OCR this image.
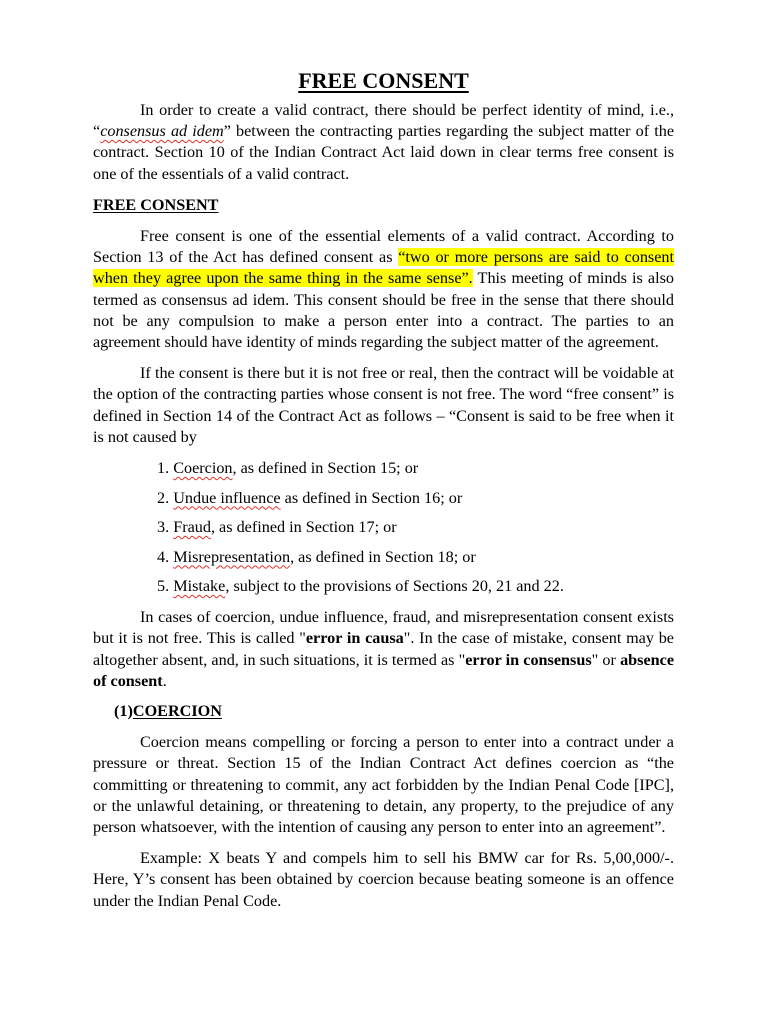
FREE CONSENT

In order to create a valid contract, there should be perfect identity of mind, i.e., “consensus ad idem” between the contracting parties regarding the subject matter of the contract. Section 10 of the Indian Contract Act laid down in clear terms free consent is one of the essentials of a valid contract.

FREE CONSENT

Free consent is one of the essential elements of a valid contract. According to Section 13 of the Act has defined consent as “two or more persons are said to consent when they agree upon the same thing in the same sense”. This meeting of minds is also termed as consensus ad idem. This consent should be free in the sense that there should not be any compulsion to make a person enter into a contract. The parties to an agreement should have identity of minds regarding the subject matter of the agreement.

If the consent is there but it is not free or real, then the contract will be voidable at the option of the contracting parties whose consent is not free. The word “free consent” is defined in Section 14 of the Contract Act as follows – “Consent is said to be free when it is not caused by

1. Coercion, as defined in Section 15; or
2. Undue influence as defined in Section 16; or
3. Fraud, as defined in Section 17; or
4. Misrepresentation, as defined in Section 18; or
5. Mistake, subject to the provisions of Sections 20, 21 and 22.

In cases of coercion, undue influence, fraud, and misrepresentation consent exists but it is not free. This is called "error in causa". In the case of mistake, consent may be altogether absent, and, in such situations, it is termed as "error in consensus" or absence of consent.

(1)COERCION

Coercion means compelling or forcing a person to enter into a contract under a pressure or threat. Section 15 of the Indian Contract Act defines coercion as “the committing or threatening to commit, any act forbidden by the Indian Penal Code [IPC], or the unlawful detaining, or threatening to detain, any property, to the prejudice of any person whatsoever, with the intention of causing any person to enter into an agreement”.

Example: X beats Y and compels him to sell his BMW car for Rs. 5,00,000/-. Here, Y’s consent has been obtained by coercion because beating someone is an offence under the Indian Penal Code.
